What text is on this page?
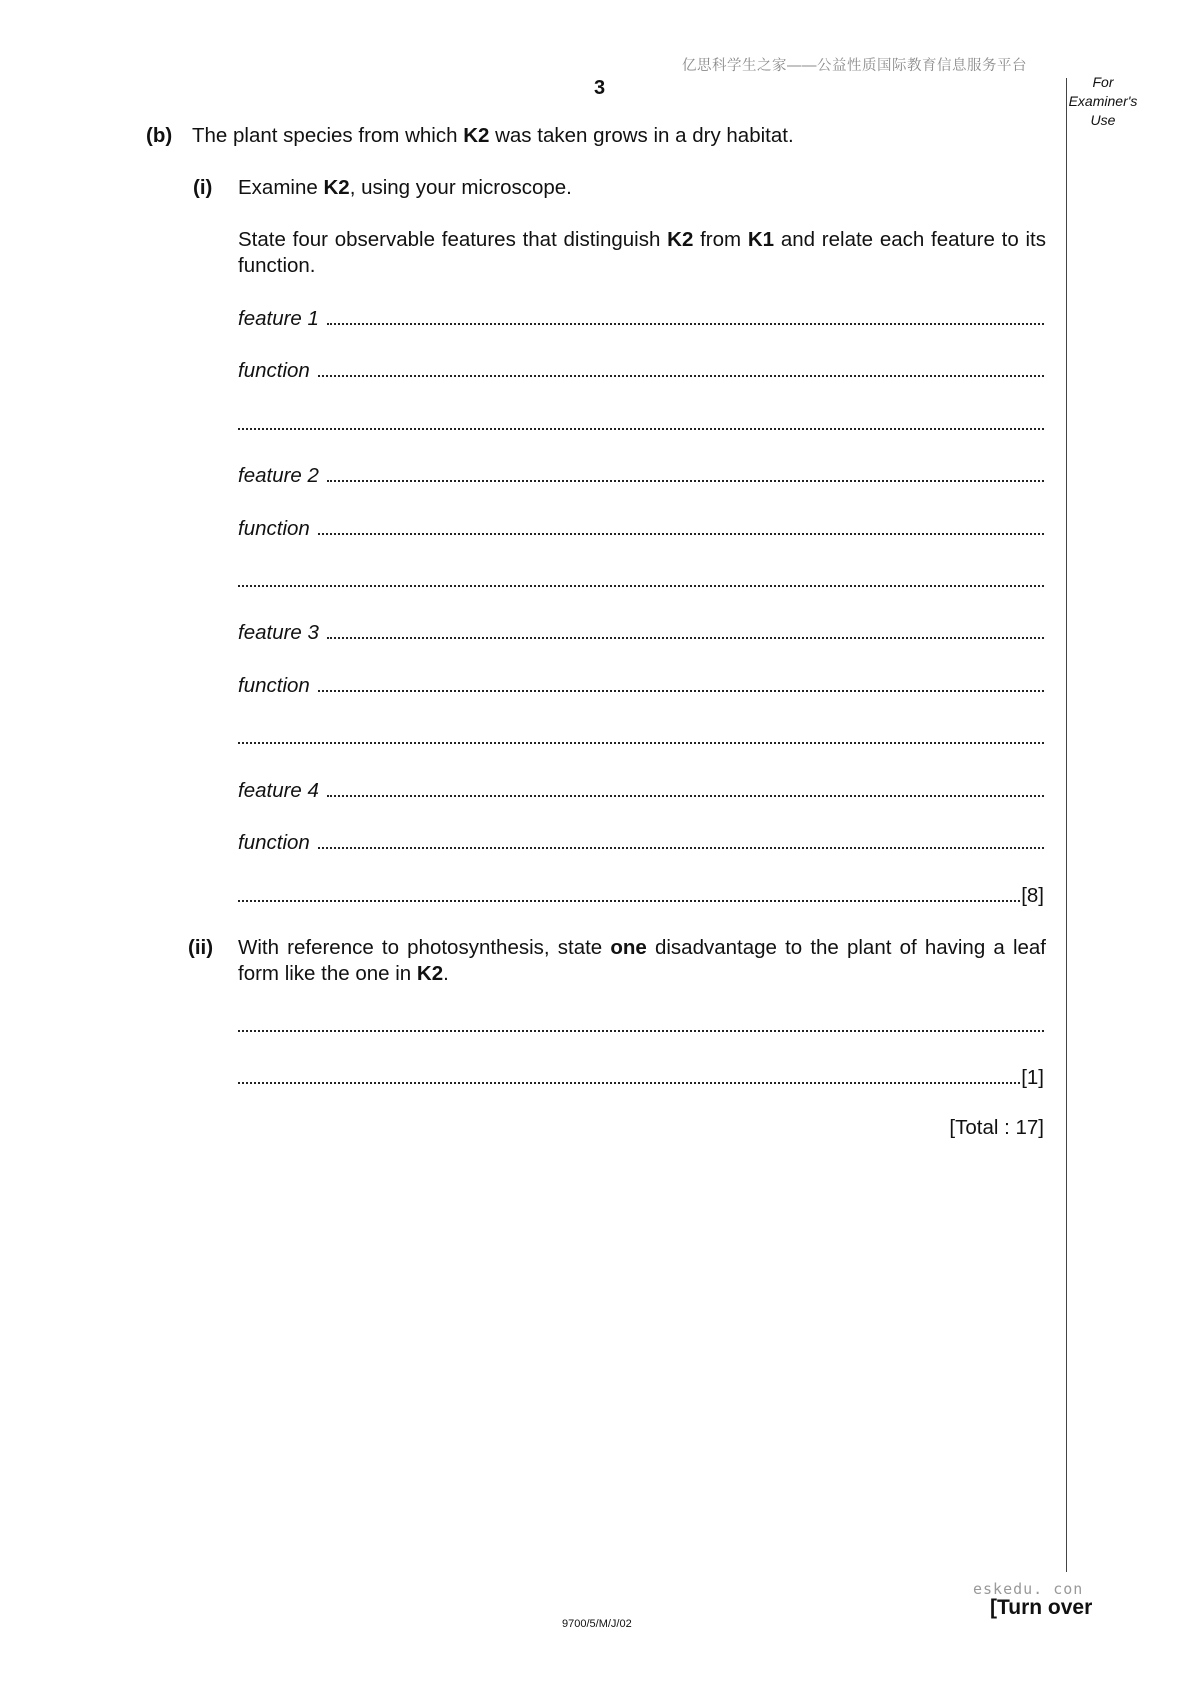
亿思科学生之家——公益性质国际教育信息服务平台
3	For
Examiner's
Use
(b) The plant species from which K2 was taken grows in a dry habitat.
(i) Examine K2, using your microscope.
State four observable features that distinguish K2 from K1 and relate each feature to its function.
feature 1
function
feature 2
function
feature 3
function
feature 4
function
[8]
(ii) With reference to photosynthesis, state one disadvantage to the plant of having a leaf form like the one in K2.
[1]
[Total : 17]
eskedu. con
9700/5/M/J/02
[Turn over
